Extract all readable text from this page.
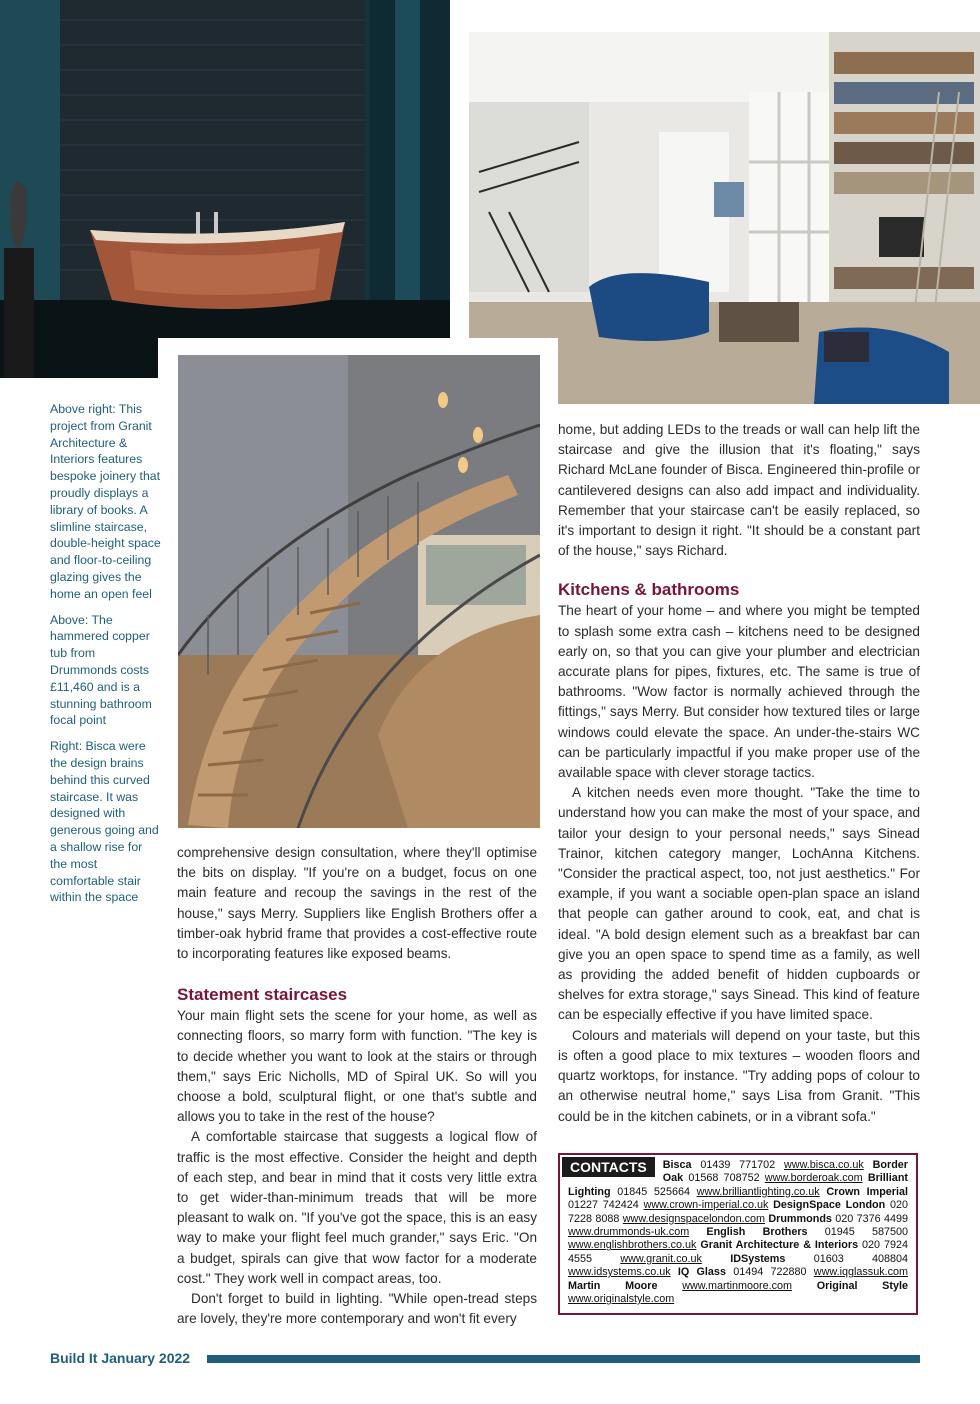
Above right: This project from Granit Architecture & Interiors features bespoke joinery that proudly displays a library of books. A slimline staircase, double-height space and floor-to-ceiling glazing gives the home an open feel

Above: The hammered copper tub from Drummonds costs £11,460 and is a stunning bathroom focal point

Right: Bisca were the design brains behind this curved staircase. It was designed with generous going and a shallow rise for the most comfortable stair within the space

comprehensive design consultation, where they'll optimise the bits on display. "If you're on a budget, focus on one main feature and recoup the savings in the rest of the house," says Merry. Suppliers like English Brothers offer a timber-oak hybrid frame that provides a cost-effective route to incorporating features like exposed beams.

Statement staircases

Your main flight sets the scene for your home, as well as connecting floors, so marry form with function. "The key is to decide whether you want to look at the stairs or through them," says Eric Nicholls, MD of Spiral UK. So will you choose a bold, sculptural flight, or one that's subtle and allows you to take in the rest of the house?

A comfortable staircase that suggests a logical flow of traffic is the most effective. Consider the height and depth of each step, and bear in mind that it costs very little extra to get wider-than-minimum treads that will be more pleasant to walk on. "If you've got the space, this is an easy way to make your flight feel much grander," says Eric. "On a budget, spirals can give that wow factor for a moderate cost." They work well in compact areas, too.

Don't forget to build in lighting. "While open-tread steps are lovely, they're more contemporary and won't fit every

home, but adding LEDs to the treads or wall can help lift the staircase and give the illusion that it's floating," says Richard McLane founder of Bisca. Engineered thin-profile or cantilevered designs can also add impact and individuality. Remember that your staircase can't be easily replaced, so it's important to design it right. "It should be a constant part of the house," says Richard.

Kitchens & bathrooms

The heart of your home – and where you might be tempted to splash some extra cash – kitchens need to be designed early on, so that you can give your plumber and electrician accurate plans for pipes, fixtures, etc. The same is true of bathrooms. "Wow factor is normally achieved through the fittings," says Merry. But consider how textured tiles or large windows could elevate the space. An under-the-stairs WC can be particularly impactful if you make proper use of the available space with clever storage tactics.

A kitchen needs even more thought. "Take the time to understand how you can make the most of your space, and tailor your design to your personal needs," says Sinead Trainor, kitchen category manger, LochAnna Kitchens. "Consider the practical aspect, too, not just aesthetics." For example, if you want a sociable open-plan space an island that people can gather around to cook, eat, and chat is ideal. "A bold design element such as a breakfast bar can give you an open space to spend time as a family, as well as providing the added benefit of hidden cupboards or shelves for extra storage," says Sinead. This kind of feature can be especially effective if you have limited space.

Colours and materials will depend on your taste, but this is often a good place to mix textures – wooden floors and quartz worktops, for instance. "Try adding pops of colour to an otherwise neutral home," says Lisa from Granit. "This could be in the kitchen cabinets, or in a vibrant sofa."

CONTACTS	Bisca 01439 771702 www.bisca.co.uk Border Oak 01568 708752 www.borderoak.com Brilliant Lighting 01845 525664 www.brilliantlighting.co.uk Crown Imperial 01227 742424 www.crown-imperial.co.uk DesignSpace London 020 7228 8088 www.designspacelondon.com Drummonds 020 7376 4499 www.drummonds-uk.com English Brothers 01945 587500 www.englishbrothers.co.uk Granit Architecture & Interiors 020 7924 4555	www.granit.co.uk	IDSystems 01603 408804 www.idsystems.co.uk IQ Glass 01494 722880 www.iqglassuk.com Martin Moore www.martinmoore.com Original Style www.originalstyle.com
Build It January 2022
